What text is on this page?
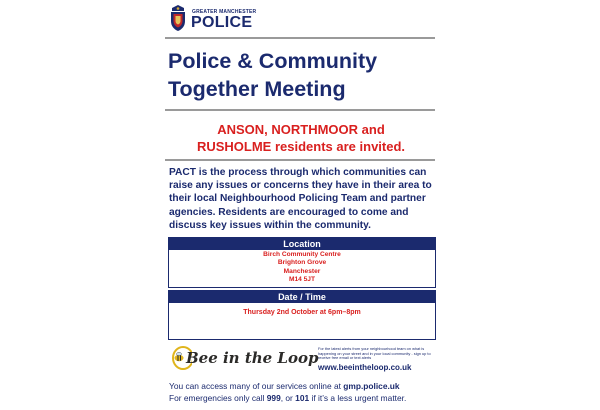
GREATER MANCHESTER
POLICE
Police & Community
Together Meeting
ANSON, NORTHMOOR and
RUSHOLME residents are invited.
PACT is the process through which communities can raise any issues or concerns they have in their area to their local Neighbourhood Policing Team and partner agencies. Residents are encouraged to come and discuss key issues within the community.
Location
Birch Community Centre
Brighton Grove
Manchester
M14 5JT
Date / Time
Thursday 2nd October at 6pm–8pm
Bee in the Loop
For the latest alerts from your neighbourhood team on what is happening on your street and in your local community - sign up to receive free email or text alerts
www.beeintheloop.co.uk
You can access many of our services online at gmp.police.uk
For emergencies only call 999, or 101 if it’s a less urgent matter.
